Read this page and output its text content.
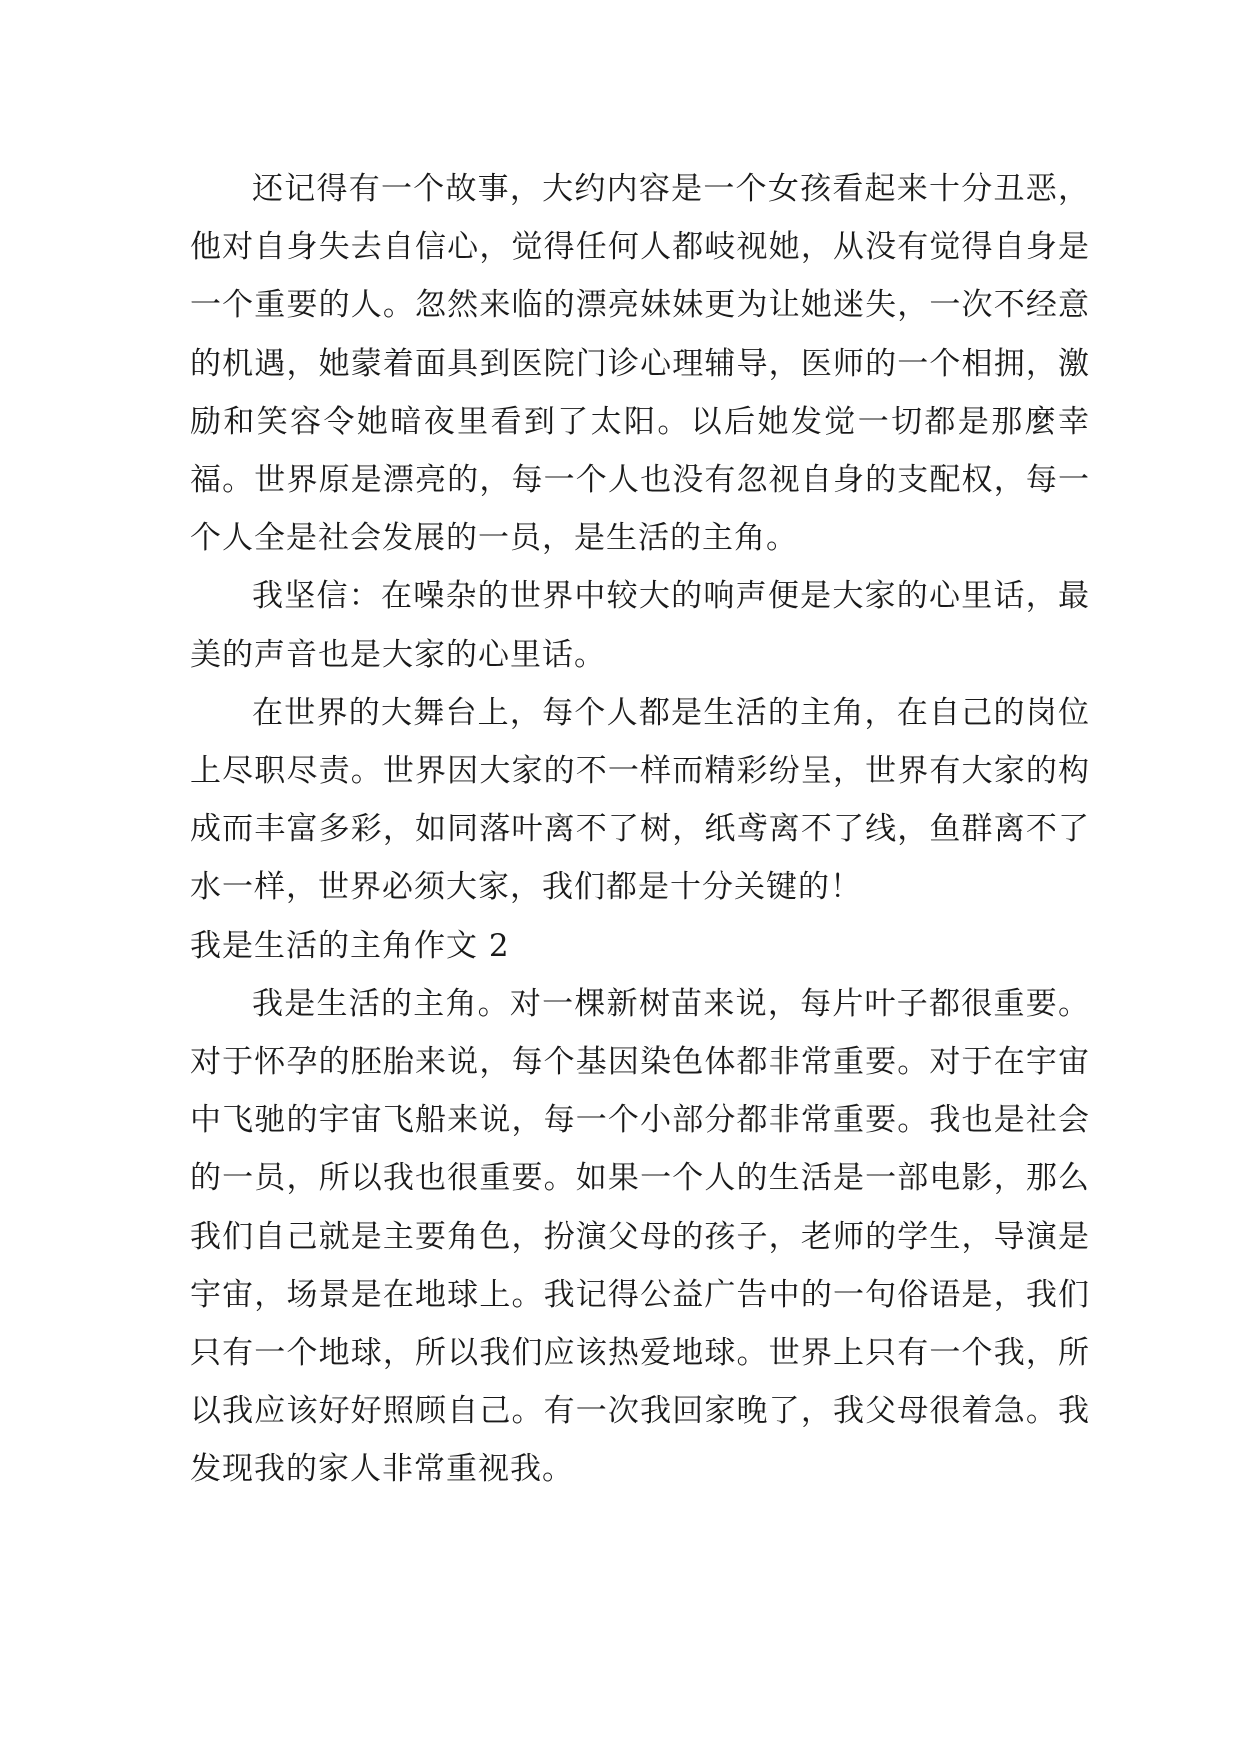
还记得有一个故事，大约内容是一个女孩看起来十分丑恶，他对自身失去自信心，觉得任何人都岐视她，从没有觉得自身是一个重要的人。忽然来临的漂亮妹妹更为让她迷失，一次不经意的机遇，她蒙着面具到医院门诊心理辅导，医师的一个相拥，激励和笑容令她暗夜里看到了太阳。以后她发觉一切都是那麼幸福。世界原是漂亮的，每一个人也没有忽视自身的支配权，每一个人全是社会发展的一员，是生活的主角。

我坚信：在噪杂的世界中较大的响声便是大家的心里话，最美的声音也是大家的心里话。

在世界的大舞台上，每个人都是生活的主角，在自己的岗位上尽职尽责。世界因大家的不一样而精彩纷呈，世界有大家的构成而丰富多彩，如同落叶离不了树，纸鸢离不了线，鱼群离不了水一样，世界必须大家，我们都是十分关键的！

我是生活的主角作文 2

我是生活的主角。对一棵新树苗来说，每片叶子都很重要。对于怀孕的胚胎来说，每个基因染色体都非常重要。对于在宇宙中飞驰的宇宙飞船来说，每一个小部分都非常重要。我也是社会的一员，所以我也很重要。如果一个人的生活是一部电影，那么我们自己就是主要角色，扮演父母的孩子，老师的学生，导演是宇宙，场景是在地球上。我记得公益广告中的一句俗语是，我们只有一个地球，所以我们应该热爱地球。世界上只有一个我，所以我应该好好照顾自己。有一次我回家晚了，我父母很着急。我发现我的家人非常重视我。
